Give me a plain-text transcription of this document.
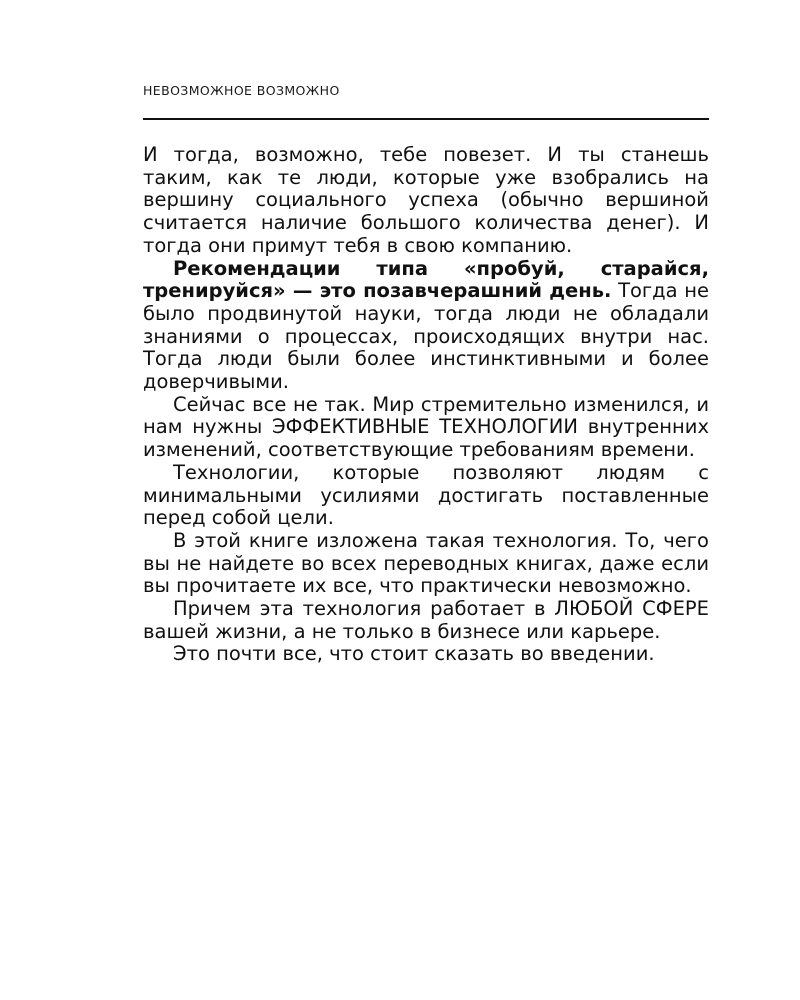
НЕВОЗМОЖНОЕ ВОЗМОЖНО

И тогда, возможно, тебе повезет. И ты станешь таким, как те люди, которые уже взобрались на вершину социального успеха (обычно вершиной считается наличие большого количества денег). И тогда они примут тебя в свою компанию.

Рекомендации типа «пробуй, старайся, тренируйся» — это позавчерашний день. Тогда не было продвинутой науки, тогда люди не обладали знаниями о процессах, происходящих внутри нас. Тогда люди были более инстинктивными и более доверчивыми.

Сейчас все не так. Мир стремительно изменился, и нам нужны ЭФФЕКТИВНЫЕ ТЕХНОЛОГИИ внутренних изменений, соответствующие требованиям времени.

Технологии, которые позволяют людям с минимальными усилиями достигать поставленные перед собой цели.

В этой книге изложена такая технология. То, чего вы не найдете во всех переводных книгах, даже если вы прочитаете их все, что практически невозможно.

Причем эта технология работает в ЛЮБОЙ СФЕРЕ вашей жизни, а не только в бизнесе или карьере.

Это почти все, что стоит сказать во введении.
